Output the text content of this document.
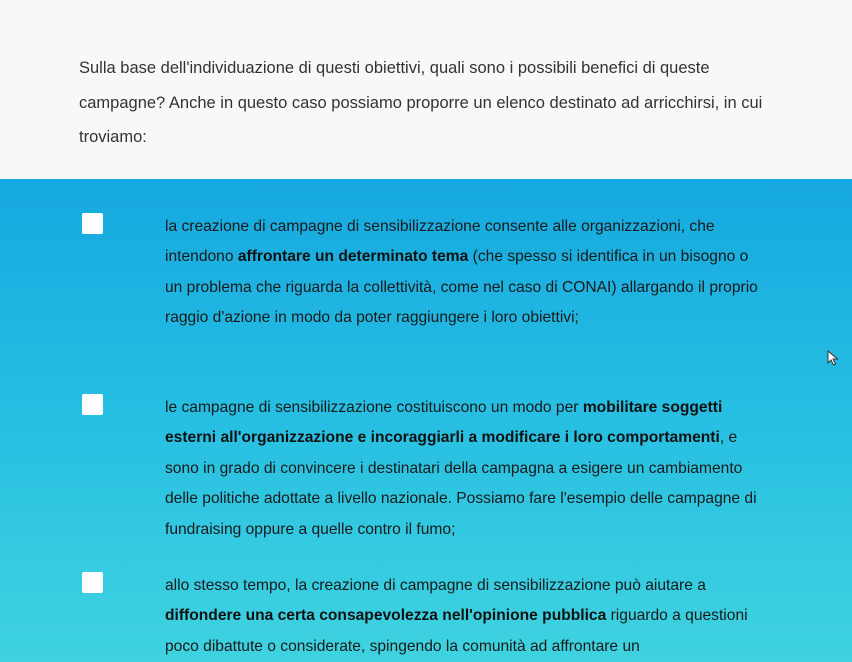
Sulla base dell'individuazione di questi obiettivi, quali sono i possibili benefici di queste campagne? Anche in questo caso possiamo proporre un elenco destinato ad arricchirsi, in cui troviamo:

la creazione di campagne di sensibilizzazione consente alle organizzazioni, che intendono affrontare un determinato tema (che spesso si identifica in un bisogno o un problema che riguarda la collettività, come nel caso di CONAI) allargando il proprio raggio d'azione in modo da poter raggiungere i loro obiettivi;

le campagne di sensibilizzazione costituiscono un modo per mobilitare soggetti esterni all'organizzazione e incoraggiarli a modificare i loro comportamenti, e sono in grado di convincere i destinatari della campagna a esigere un cambiamento delle politiche adottate a livello nazionale. Possiamo fare l'esempio delle campagne di fundraising oppure a quelle contro il fumo;

allo stesso tempo, la creazione di campagne di sensibilizzazione può aiutare a diffondere una certa consapevolezza nell'opinione pubblica riguardo a questioni poco dibattute o considerate, spingendo la comunità ad affrontare un
